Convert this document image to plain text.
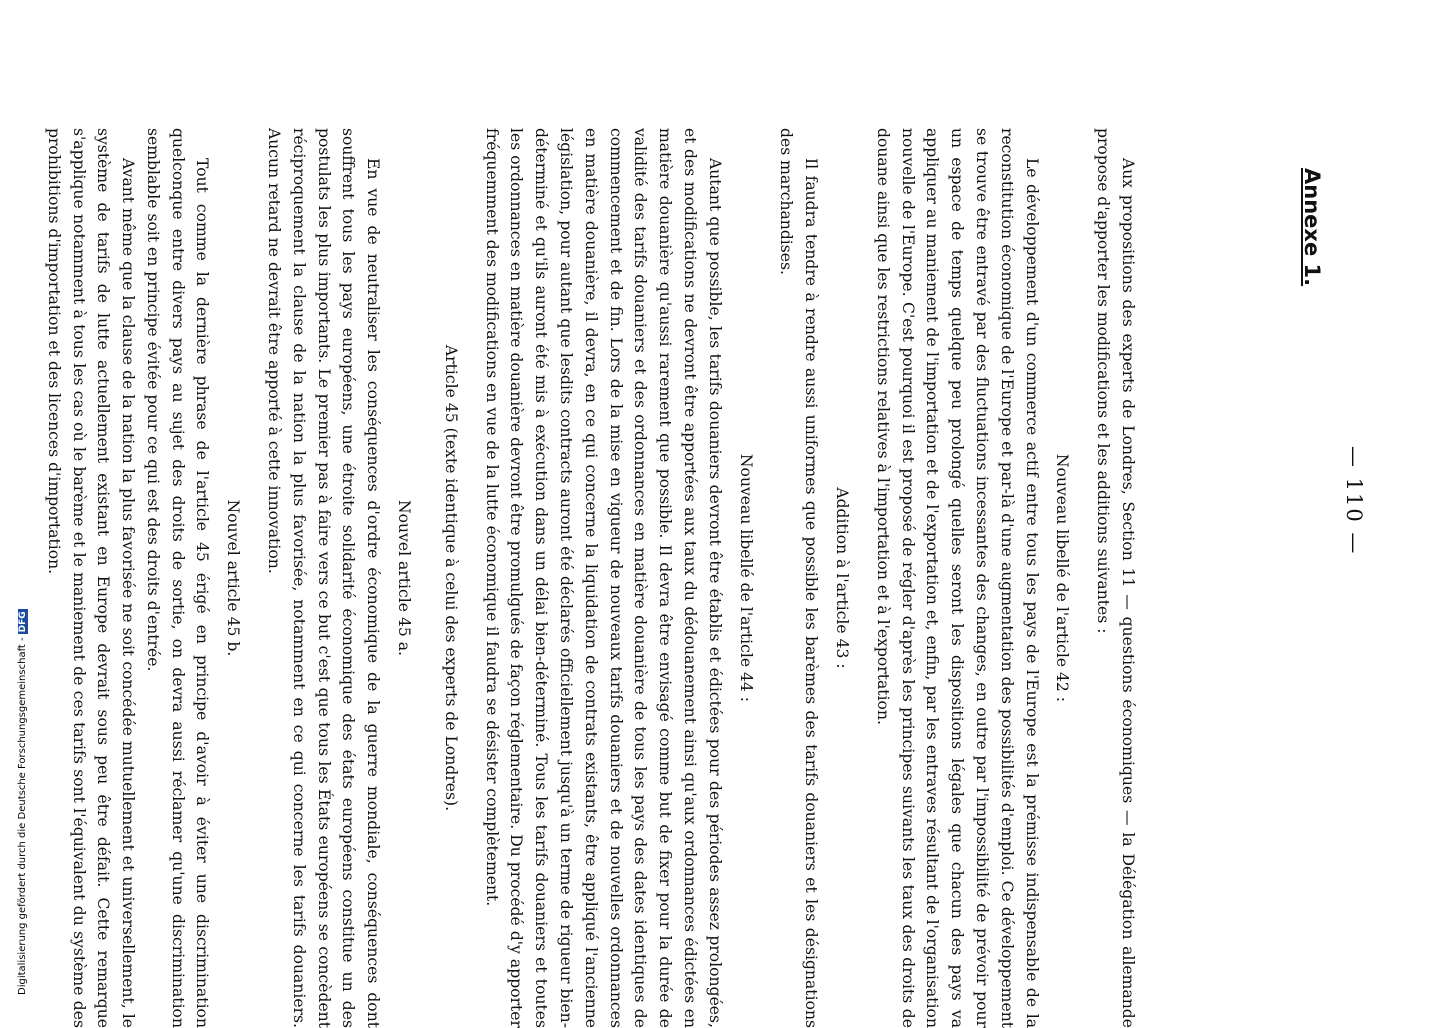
Annexe 1.
— 110 —

Aux propositions des experts de Londres, Section 11 — questions économiques — la Délégation allemande propose d'apporter les modifications et les additions suivantes :

Nouveau libellé de l'article 42 :

Le développement d'un commerce actif entre tous les pays de l'Europe est la prémisse indispensable de la reconstitution économique de l'Europe et par-là d'une augmentation des possibilités d'emploi. Ce développement se trouve être entravé par des fluctuations incessantes des changes, en outre par l'impossibilité de prévoir pour un espace de temps quelque peu prolongé quelles seront les dispositions légales que chacun des pays va appliquer au maniement de l'importation et de l'exportation et, enfin, par les entraves résultant de l'organisation nouvelle de l'Europe. C'est pourquoi il est proposé de régler d'après les principes suivants les taux des droits de douane ainsi que les restrictions relatives à l'importation et à l'exportation.

Addition à l'article 43 :

Il faudra tendre à rendre aussi uniformes que possible les barèmes des tarifs douaniers et les désignations des marchandises.

Nouveau libellé de l'article 44 :

Autant que possible, les tarifs douaniers devront être établis et édictées pour des périodes assez prolongées, et des modifications ne devront être apportées aux taux du dédouanement ainsi qu'aux ordonnances édictées en matière douanière qu'aussi rarement que possible. Il devra être envisagé comme but de fixer pour la durée de validité des tarifs douaniers et des ordonnances en matière douanière de tous les pays des dates identiques de commencement et de fin. Lors de la mise en vigueur de nouveaux tarifs douaniers et de nouvelles ordonnances en matière douanière, il devra, en ce qui concerne la liquidation de contrats existants, être appliqué l'ancienne législation, pour autant que lesdits contracts auront été déclarés officiellement jusqu'à un terme de rigueur bien-déterminé et qu'ils auront été mis à exécution dans un délai bien-déterminé. Tous les tarifs douaniers et toutes les ordonnances en matière douanière devront être promulgués de façon réglementaire. Du procédé d'y apporter fréquemment des modifications en vue de la lutte économique il faudra se désister complètement.

Article 45 (texte identique à celui des experts de Londres).

Nouvel article 45 a.

En vue de neutraliser les conséquences d'ordre économique de la guerre mondiale, conséquences dont souffrent tous les pays européens, une étroite solidarité économique des états européens constitue un des postulats les plus importants. Le premier pas à faire vers ce but c'est que tous les États européens se concèdent réciproquement la clause de la nation la plus favorisée, notamment en ce qui concerne les tarifs douaniers. Aucun retard ne devrait être apporté à cette innovation.

Nouvel article 45 b.

Tout comme la dernière phrase de l'article 45 érigé en principe d'avoir à éviter une discrimination quelconque entre divers pays au sujet des droits de sortie, on devra aussi réclamer qu'une discrimination semblable soit en principe évitée pour ce qui est des droits d'entrée.

Avant même que la clause de la nation la plus favorisée ne soit concédée mutuellement et universellement, le système de tarifs de lutte actuellement existant en Europe devrait sous peu être défait. Cette remarque s'applique notamment à tous les cas où le barème et le maniement de ces tarifs sont l'équivalent du système des prohibitions d'importation et des licences d'importation.

Digitalisierung gefördert durch die Deutsche Forschungsgemeinschaft -DFG
